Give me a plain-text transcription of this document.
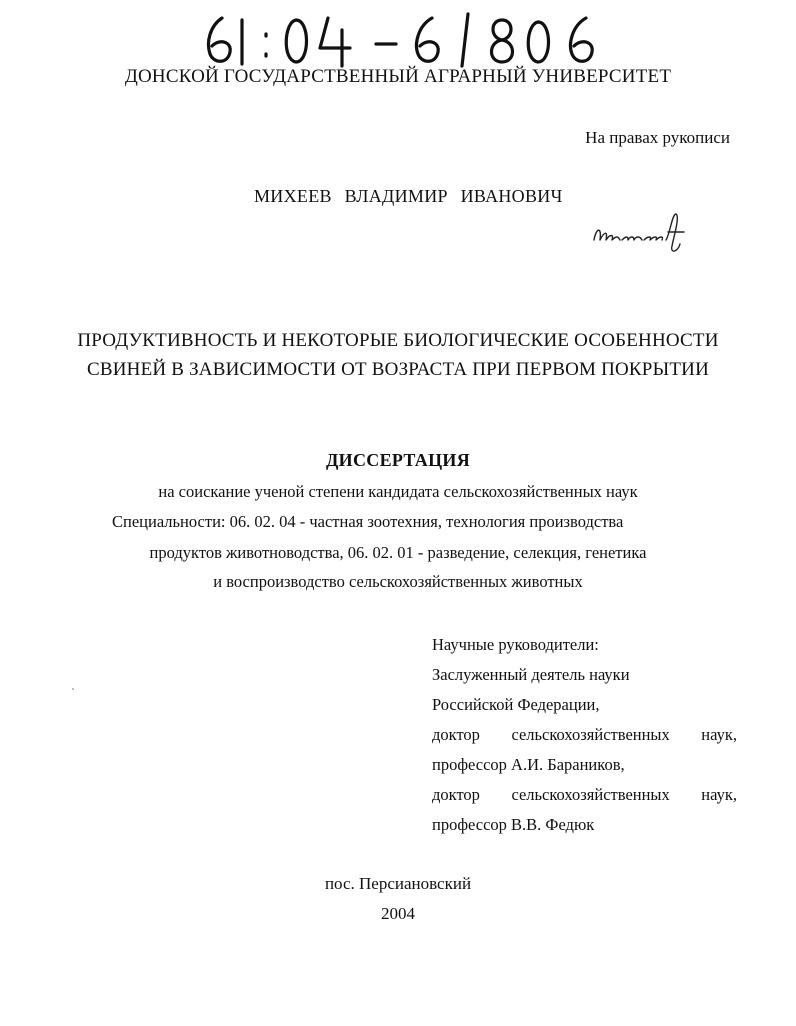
ДОНСКОЙ ГОСУДАРСТВЕННЫЙ АГРАРНЫЙ УНИВЕРСИТЕТ
На правах рукописи
МИХЕЕВ ВЛАДИМИР ИВАНОВИЧ
ПРОДУКТИВНОСТЬ И НЕКОТОРЫЕ БИОЛОГИЧЕСКИЕ ОСОБЕННОСТИ
СВИНЕЙ В ЗАВИСИМОСТИ ОТ ВОЗРАСТА ПРИ ПЕРВОМ ПОКРЫТИИ
ДИССЕРТАЦИЯ
на соискание ученой степени кандидата сельскохозяйственных наук
Специальности: 06. 02. 04 - частная зоотехния, технология производства
продуктов животноводства, 06. 02. 01 - разведение, селекция, генетика
и воспроизводство сельскохозяйственных животных
Научные руководители:
Заслуженный деятель науки
Российской Федерации,
доктор сельскохозяйственных наук,
профессор А.И. Бараников,
доктор сельскохозяйственных наук,
профессор В.В. Федюк
пос. Персиановский
2004
